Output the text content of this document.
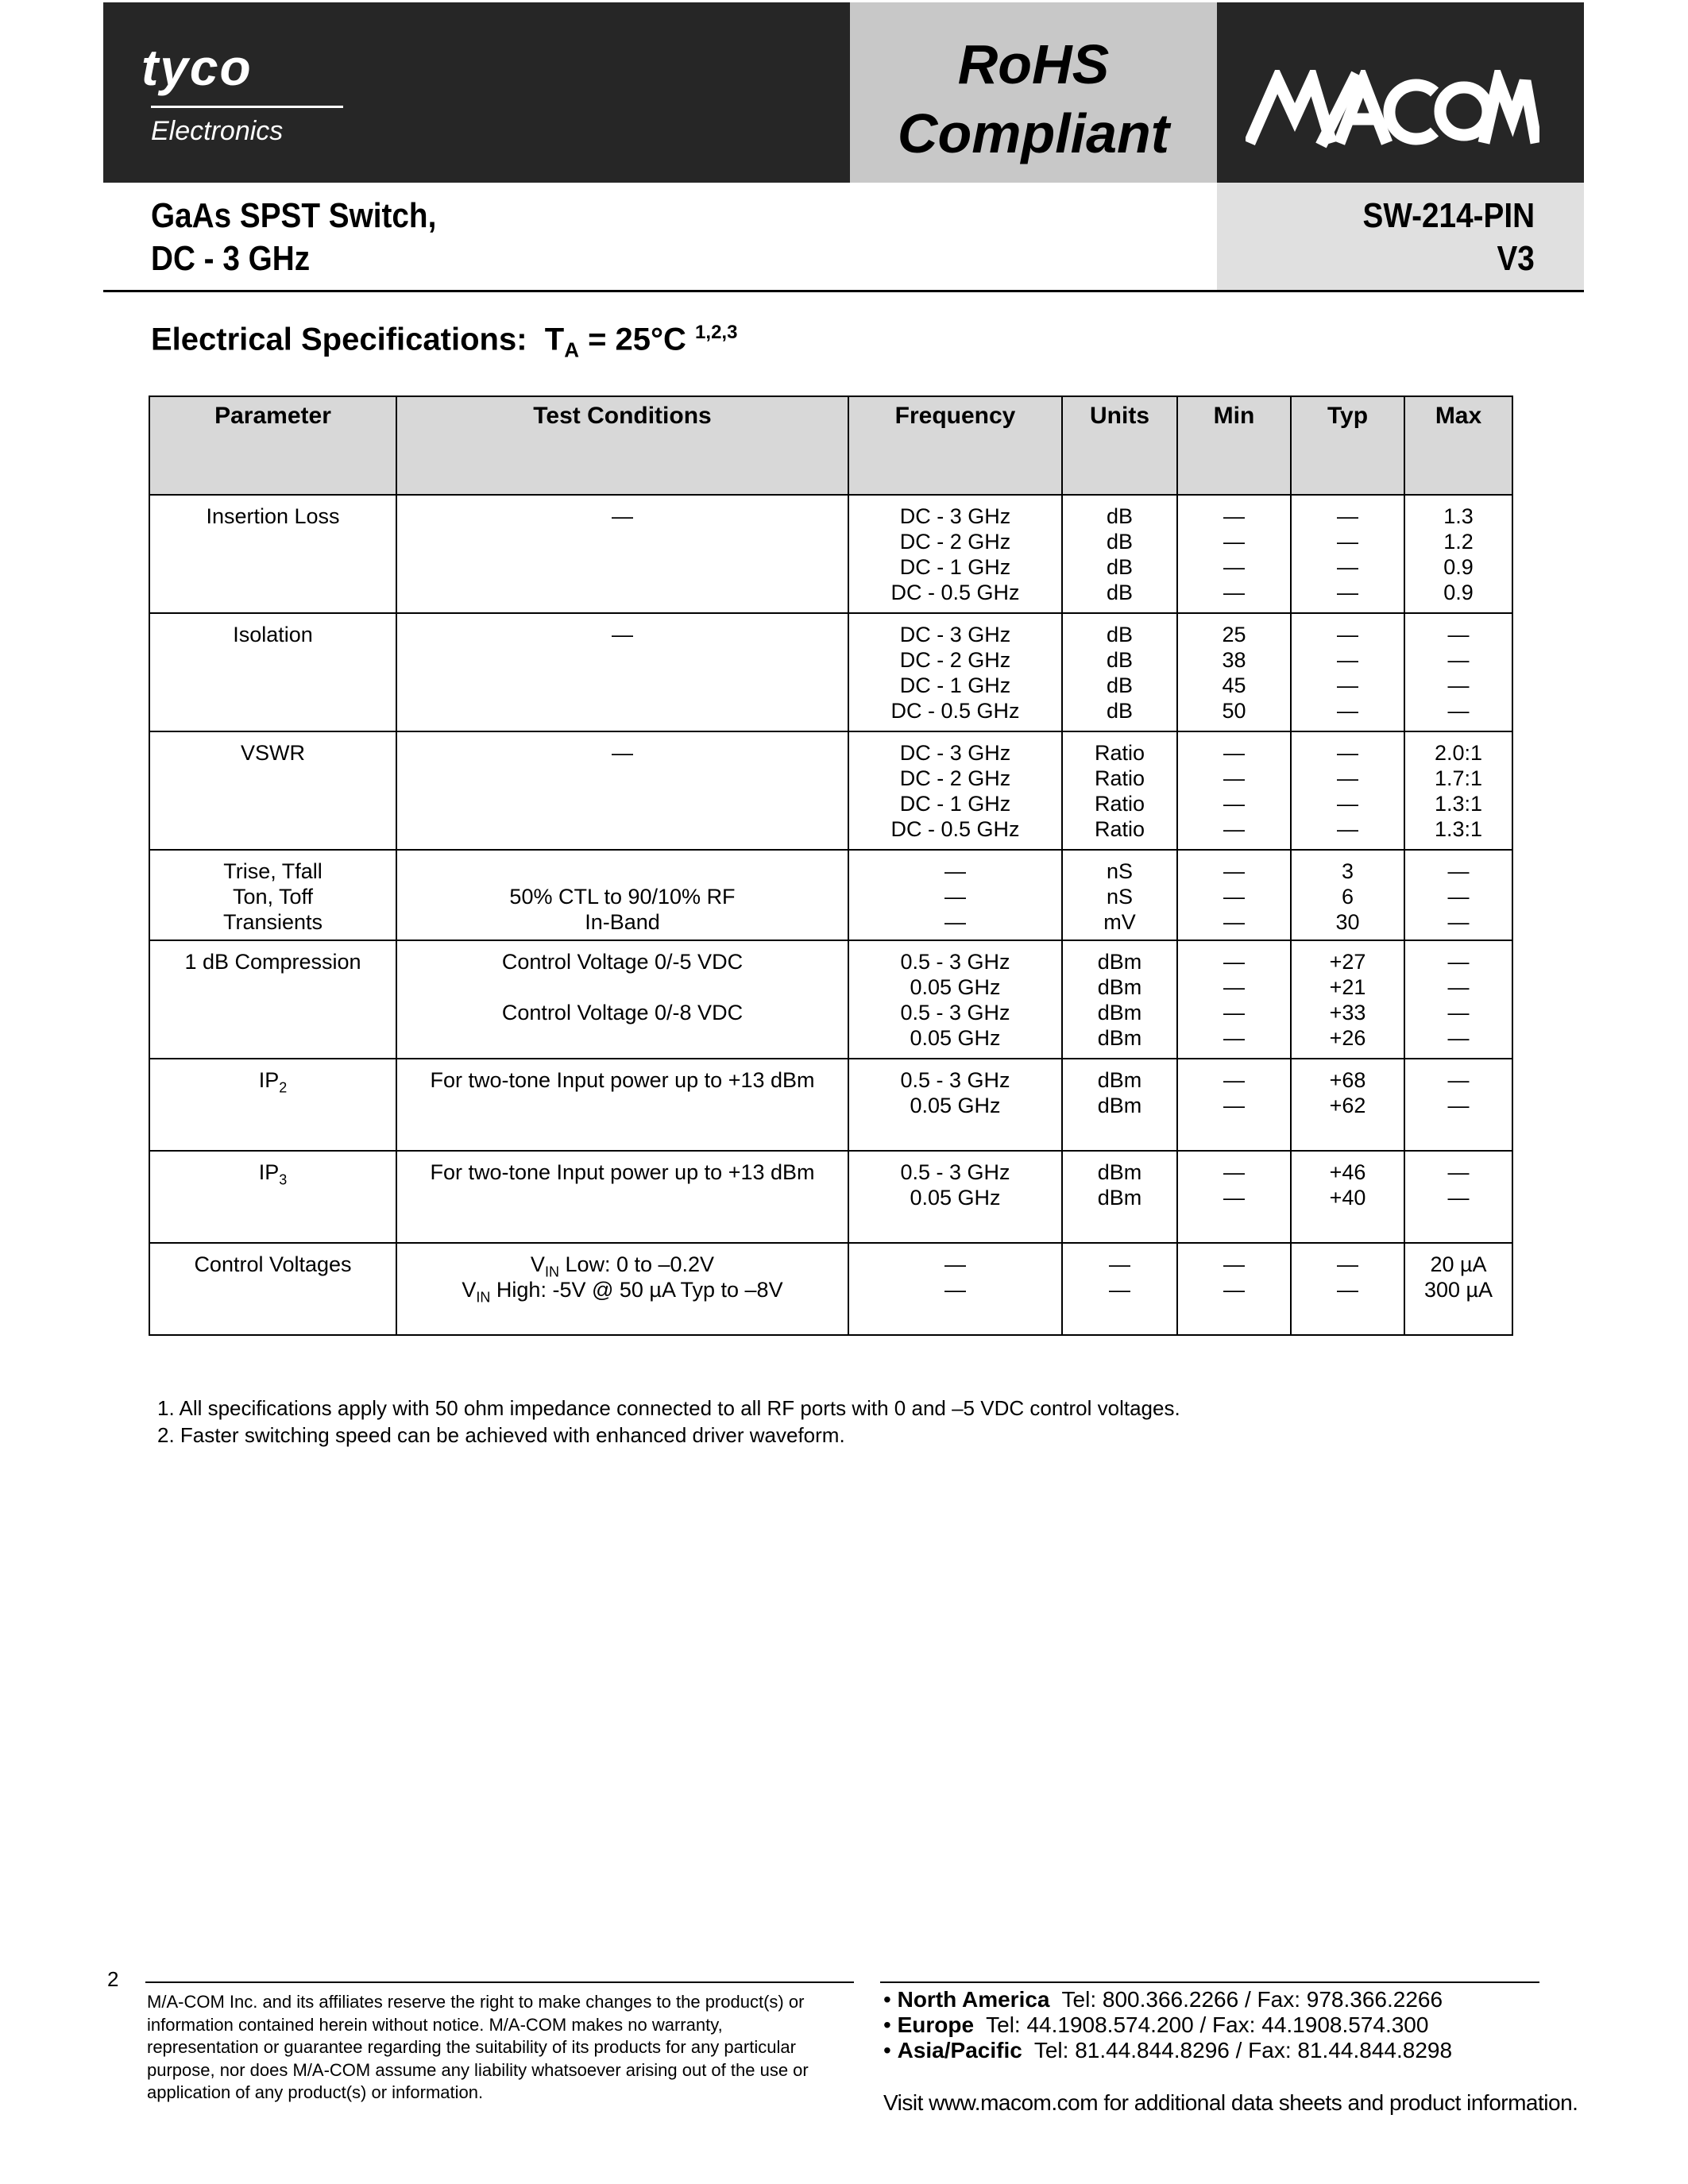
tyco
Electronics
RoHS
Compliant
GaAs SPST Switch,
DC - 3 GHz
SW-214-PIN
V3
Electrical Specifications: $T_A = 25^\circ C$ $^{1,2,3}$
Parameter	Test Conditions	Frequency	Units	Min	Typ	Max

Insertion Loss	—	DC - 3 GHz
DC - 2 GHz
DC - 1 GHz
DC - 0.5 GHz	dB
dB
dB
dB	—
—
—
—	—
—
—
—	1.3
1.2
0.9
0.9

Isolation	—	DC - 3 GHz
DC - 2 GHz
DC - 1 GHz
DC - 0.5 GHz	dB
dB
dB
dB	25
38
45
50	—
—
—
—	—
—
—
—

VSWR	—	DC - 3 GHz
DC - 2 GHz
DC - 1 GHz
DC - 0.5 GHz	Ratio
Ratio
Ratio
Ratio	—
—
—
—	—
—
—
—	2.0:1
1.7:1
1.3:1
1.3:1

Trise, Tfall
Ton, Toff
Transients	50% CTL to 90/10% RF
In-Band	—
—
—	nS
nS
mV	—
—
—	3
6
30	—
—
—

1 dB Compression	Control Voltage 0/-5 VDC
Control Voltage 0/-8 VDC	0.5 - 3 GHz
0.05 GHz
0.5 - 3 GHz
0.05 GHz	dBm
dBm
dBm
dBm	—
—
—
—	+27
+21
+33
+26	—
—
—
—

$IP_2$	For two-tone Input power up to +13 dBm	0.5 - 3 GHz
0.05 GHz	dBm
dBm	—
—	+68
+62	—
—

$IP_3$	For two-tone Input power up to +13 dBm	0.5 - 3 GHz
0.05 GHz	dBm
dBm	—
—	+46
+40	—
—

Control Voltages	$V_{IN}$ Low: 0 to –0.2V
$V_{IN}$ High: -5V @ 50 µA Typ to –8V	—
—	—
—	—
—	—
—	20 µA
300 µA
1. All specifications apply with 50 ohm impedance connected to all RF ports with 0 and –5 VDC control voltages.
2. Faster switching speed can be achieved with enhanced driver waveform.
2
M/A-COM Inc. and its affiliates reserve the right to make changes to the product(s) or information contained herein without notice. M/A-COM makes no warranty, representation or guarantee regarding the suitability of its products for any particular purpose, nor does M/A-COM assume any liability whatsoever arising out of the use or application of any product(s) or information.
• North America  Tel: 800.366.2266 / Fax: 978.366.2266
• Europe  Tel: 44.1908.574.200 / Fax: 44.1908.574.300
• Asia/Pacific  Tel: 81.44.844.8296 / Fax: 81.44.844.8298
Visit www.macom.com for additional data sheets and product information.
